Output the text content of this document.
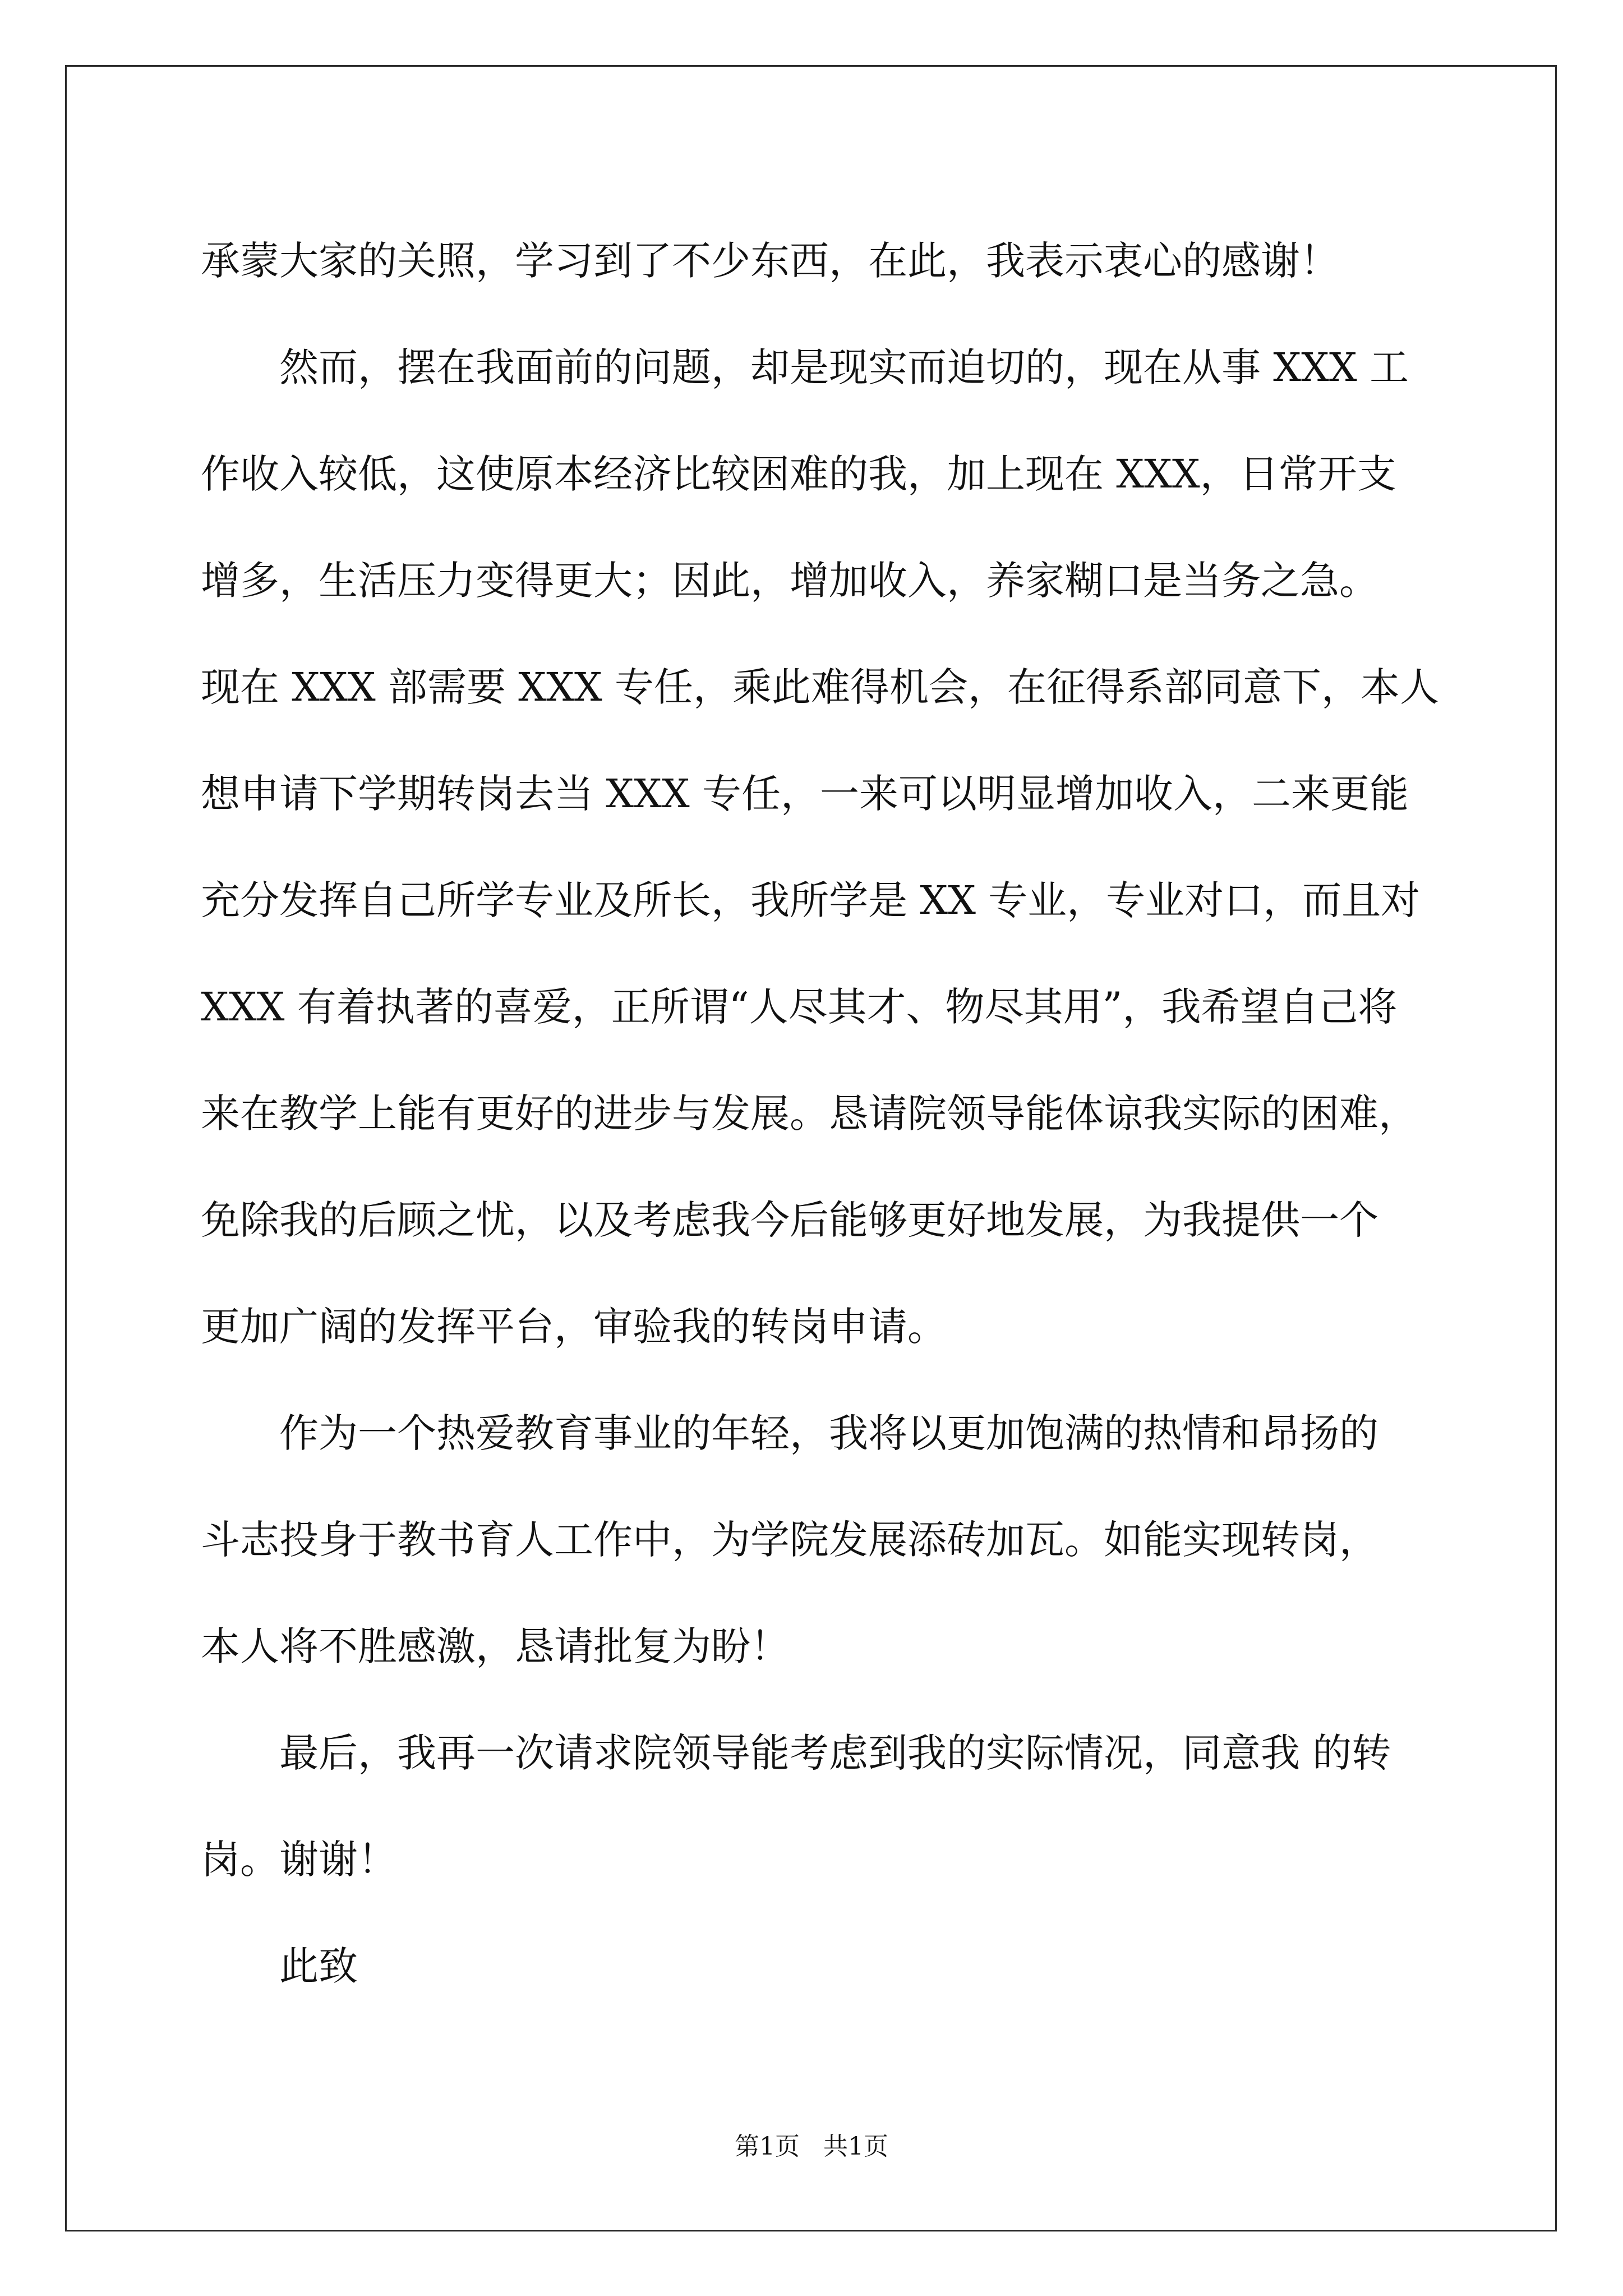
承蒙大家的关照，学习到了不少东西，在此，我表示衷心的感谢！

然而，摆在我面前的问题，却是现实而迫切的，现在从事 XXX 工

作收入较低，这使原本经济比较困难的我，加上现在 XXX，日常开支

增多，生活压力变得更大；因此，增加收入，养家糊口是当务之急。

现在 XXX 部需要 XXX 专任，乘此难得机会，在征得系部同意下，本人

想申请下学期转岗去当 XXX 专任，一来可以明显增加收入，二来更能

充分发挥自己所学专业及所长，我所学是 XX 专业，专业对口，而且对

XXX 有着执著的喜爱，正所谓“人尽其才、物尽其用”，我希望自己将

来在教学上能有更好的进步与发展。恳请院领导能体谅我实际的困难，

免除我的后顾之忧，以及考虑我今后能够更好地发展，为我提供一个

更加广阔的发挥平台，审验我的转岗申请。

作为一个热爱教育事业的年轻，我将以更加饱满的热情和昂扬的

斗志投身于教书育人工作中，为学院发展添砖加瓦。如能实现转岗，

本人将不胜感激，恳请批复为盼！

最后，我再一次请求院领导能考虑到我的实际情况，同意我 的转

岗。谢谢！

此致

第1页   共1页
